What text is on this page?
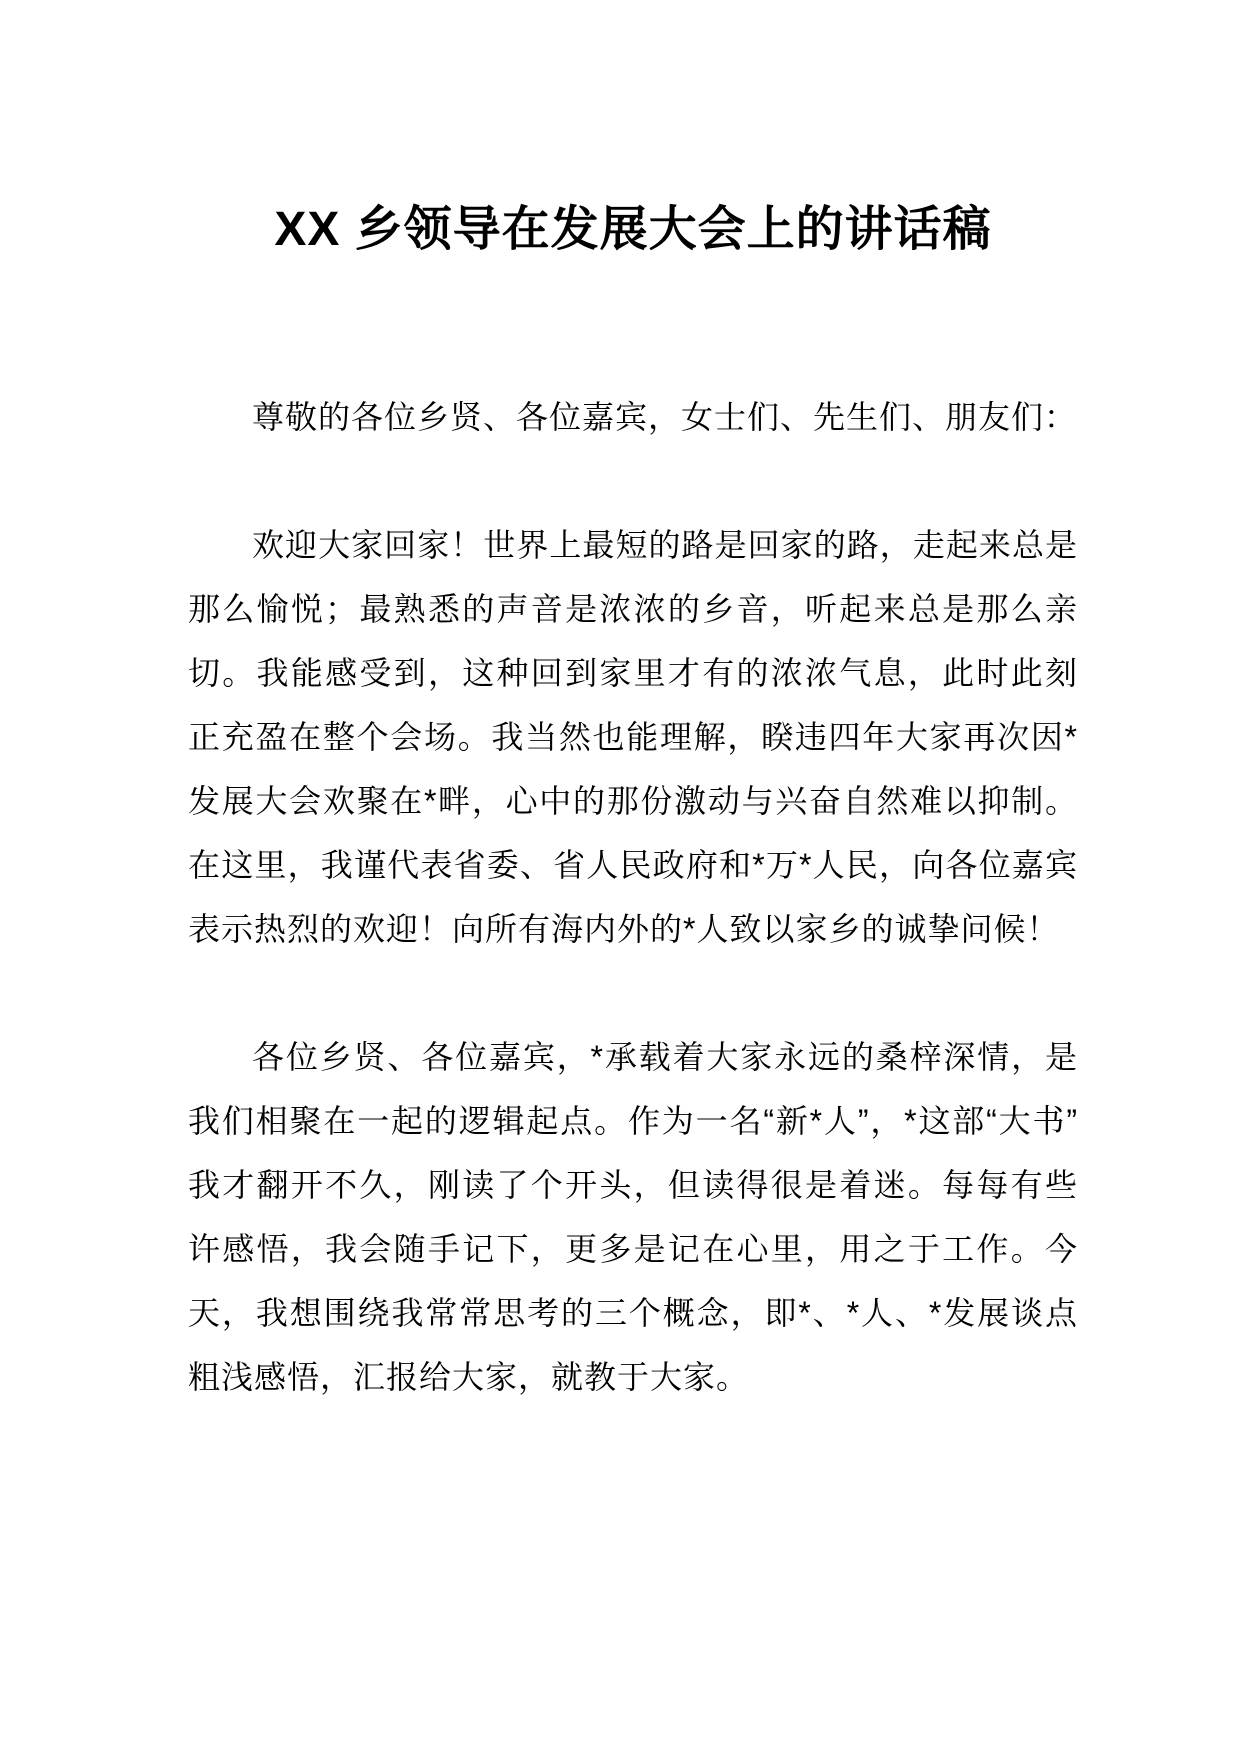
XX 乡领导在发展大会上的讲话稿

尊敬的各位乡贤、各位嘉宾，女士们、先生们、朋友们：

欢迎大家回家！世界上最短的路是回家的路，走起来总是那么愉悦；最熟悉的声音是浓浓的乡音，听起来总是那么亲切。我能感受到，这种回到家里才有的浓浓气息，此时此刻正充盈在整个会场。我当然也能理解，睽违四年大家再次因*发展大会欢聚在*畔，心中的那份激动与兴奋自然难以抑制。在这里，我谨代表省委、省人民政府和*万*人民，向各位嘉宾表示热烈的欢迎！向所有海内外的*人致以家乡的诚挚问候！

各位乡贤、各位嘉宾，*承载着大家永远的桑梓深情，是我们相聚在一起的逻辑起点。作为一名“新*人”，*这部“大书”我才翻开不久，刚读了个开头，但读得很是着迷。每每有些许感悟，我会随手记下，更多是记在心里，用之于工作。今天，我想围绕我常常思考的三个概念，即*、*人、*发展谈点粗浅感悟，汇报给大家，就教于大家。
